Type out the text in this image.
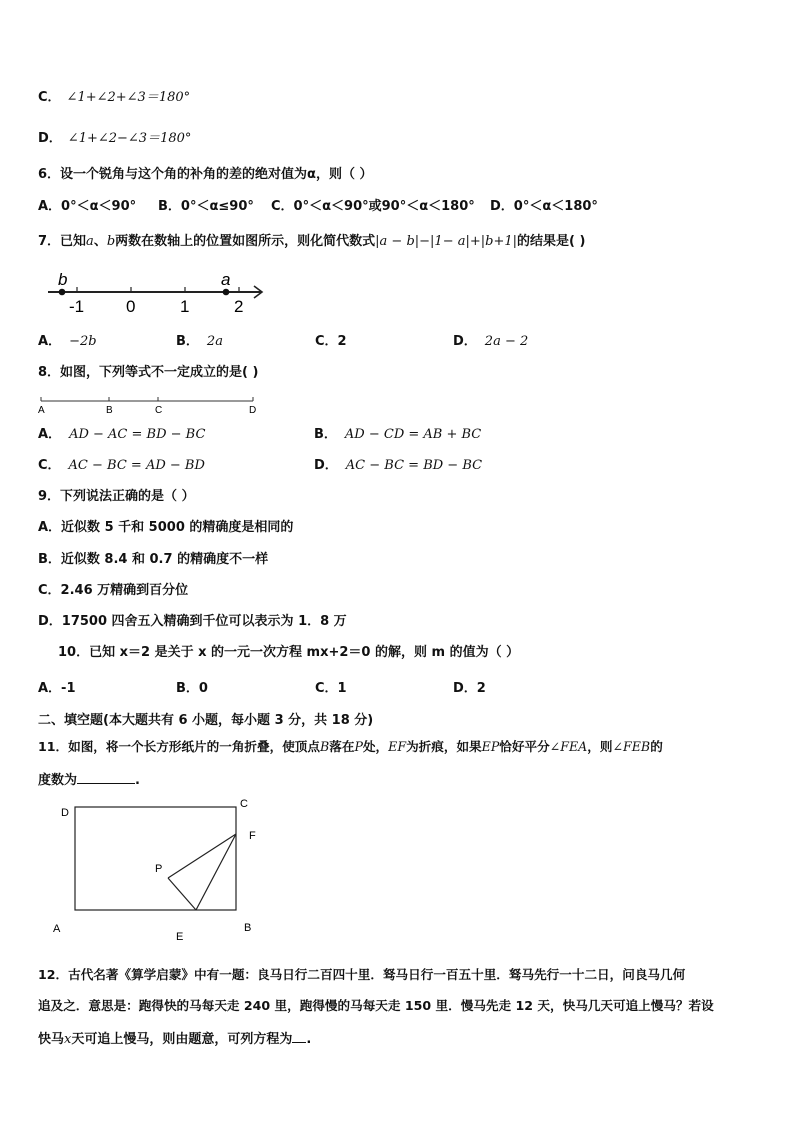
C． ∠1+∠2+∠3＝180°
D． ∠1+∠2−∠3＝180°
6．设一个锐角与这个角的补角的差的绝对值为α，则（ ）
A．0°＜α＜90° B．0°＜α≤90° C．0°＜α＜90°或90°＜α＜180° D．0°＜α＜180°
7．已知a、b两数在数轴上的位置如图所示，则化简代数式|a − b|−|1− a|+|b+1|的结果是( )
b	a
-1 0	1	2
A． −2b	B． 2a	C．2	D． 2a − 2
8．如图，下列等式不一定成立的是( )
A	B	C	D
A． AD − AC = BD − BC	B． AD − CD = AB + BC
C． AC − BC = AD − BD	D． AC − BC = BD − BC
9．下列说法正确的是（ ）
A．近似数 5 千和 5000 的精确度是相同的
B．近似数 8.4 和 0.7 的精确度不一样
C．2.46 万精确到百分位
D．17500 四舍五入精确到千位可以表示为 1．8 万
10．已知 x＝2 是关于 x 的一元一次方程 mx+2＝0 的解，则 m 的值为（ ）
A．-1	B．0	C．1	D．2
二、填空题(本大题共有 6 小题，每小题 3 分，共 18 分)
11．如图，将一个长方形纸片的一角折叠，使顶点B落在P处，EF为折痕，如果EP恰好平分∠FEA，则∠FEB的
度数为	.
D
C
F
P
A
E
B
12．古代名著《算学启蒙》中有一题：良马日行二百四十里．驽马日行一百五十里．驽马先行一十二日，问良马几何
追及之．意思是：跑得快的马每天走 240 里，跑得慢的马每天走 150 里．慢马先走 12 天，快马几天可追上慢马？若设
快马x天可追上慢马，则由题意，可列方程为 .
